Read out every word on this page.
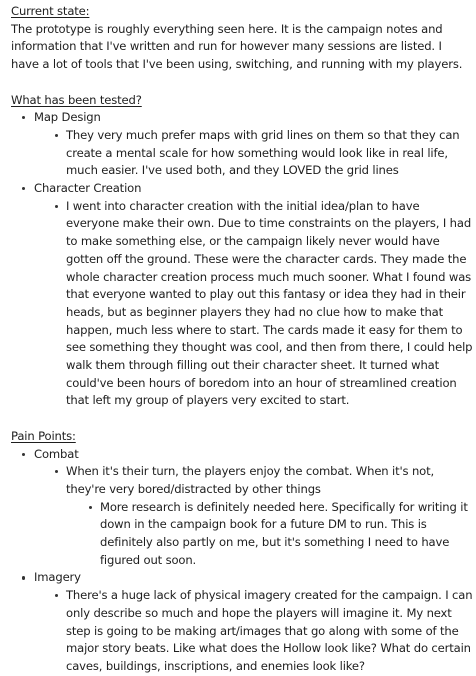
Current state:

The prototype is roughly everything seen here. It is the campaign notes and information that I've written and run for however many sessions are listed. I have a lot of tools that I've been using, switching, and running with my players.

What has been tested?

Map Design
They very much prefer maps with grid lines on them so that they can create a mental scale for how something would look like in real life, much easier. I've used both, and they LOVED the grid lines
Character Creation
I went into character creation with the initial idea/plan to have everyone make their own. Due to time constraints on the players, I had to make something else, or the campaign likely never would have gotten off the ground. These were the character cards. They made the whole character creation process much much sooner. What I found was that everyone wanted to play out this fantasy or idea they had in their heads, but as beginner players they had no clue how to make that happen, much less where to start. The cards made it easy for them to see something they thought was cool, and then from there, I could help walk them through filling out their character sheet. It turned what could've been hours of boredom into an hour of streamlined creation that left my group of players very excited to start.

Pain Points:

Combat
When it's their turn, the players enjoy the combat. When it's not, they're very bored/distracted by other things
More research is definitely needed here. Specifically for writing it down in the campaign book for a future DM to run. This is definitely also partly on me, but it's something I need to have figured out soon.
Imagery
There's a huge lack of physical imagery created for the campaign. I can only describe so much and hope the players will imagine it. My next step is going to be making art/images that go along with some of the major story beats. Like what does the Hollow look like? What do certain caves, buildings, inscriptions, and enemies look like?
